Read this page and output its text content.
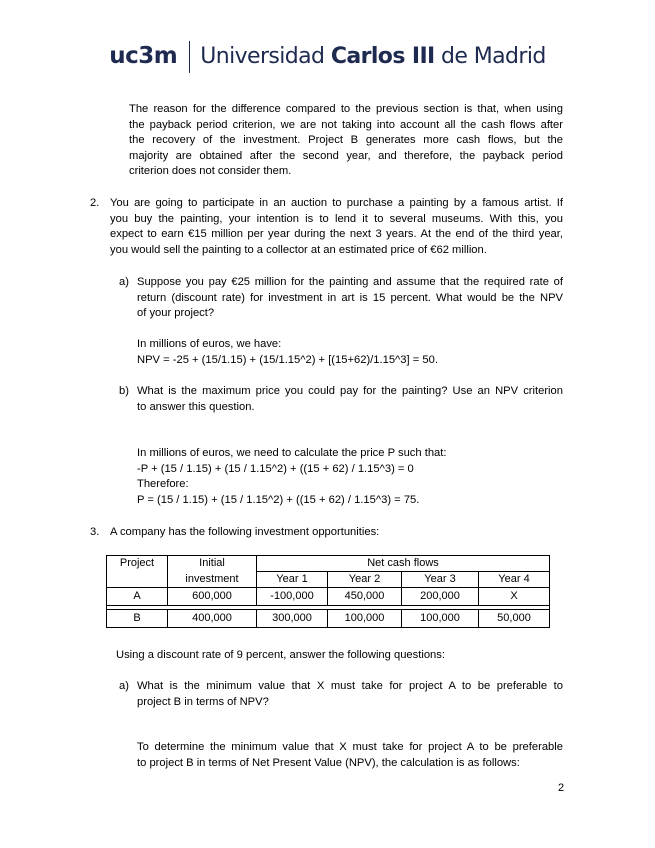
uc3m Universidad Carlos III de Madrid
The reason for the difference compared to the previous section is that, when using
the payback period criterion, we are not taking into account all the cash flows after
the recovery of the investment. Project B generates more cash flows, but the
majority are obtained after the second year, and therefore, the payback period
criterion does not consider them.
2. You are going to participate in an auction to purchase a painting by a famous artist. If
you buy the painting, your intention is to lend it to several museums. With this, you
expect to earn €15 million per year during the next 3 years. At the end of the third year,
you would sell the painting to a collector at an estimated price of €62 million.
a) Suppose you pay €25 million for the painting and assume that the required rate of
return (discount rate) for investment in art is 15 percent. What would be the NPV
of your project?
In millions of euros, we have:
NPV = -25 + (15/1.15) + (15/1.15^2) + [(15+62)/1.15^3] = 50.
b) What is the maximum price you could pay for the painting? Use an NPV criterion
to answer this question.
In millions of euros, we need to calculate the price P such that:
-P + (15 / 1.15) + (15 / 1.15^2) + ((15 + 62) / 1.15^3) = 0
Therefore:
P = (15 / 1.15) + (15 / 1.15^2) + ((15 + 62) / 1.15^3) = 75.
3. A company has the following investment opportunities:
Project	Initial	Net cash flows			
	investment	Year 1	Year 2	Year 3	Year 4
A	600,000	-100,000	450,000	200,000	X

B	400,000	300,000	100,000	100,000	50,000
Using a discount rate of 9 percent, answer the following questions:
a) What is the minimum value that X must take for project A to be preferable to
project B in terms of NPV?
To determine the minimum value that X must take for project A to be preferable
to project B in terms of Net Present Value (NPV), the calculation is as follows:
2
